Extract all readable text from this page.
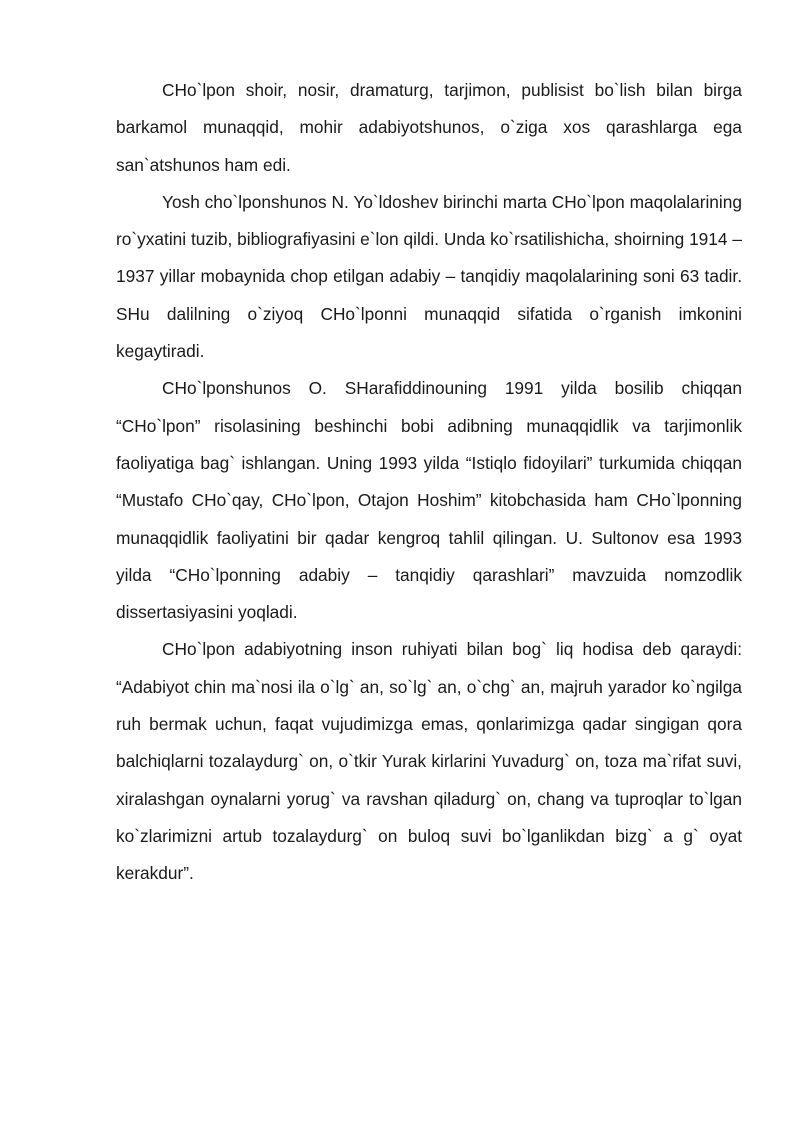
CHo`lpon shoir, nosir, dramaturg, tarjimon, publisist bo`lish bilan birga barkamol munaqqid, mohir adabiyotshunos, o`ziga xos qarashlarga ega san`atshunos ham edi.

Yosh cho`lponshunos N. Yo`ldoshev birinchi marta CHo`lpon maqolalarining ro`yxatini tuzib, bibliografiyasini e`lon qildi. Unda ko`rsatilishicha, shoirning 1914 – 1937 yillar mobaynida chop etilgan adabiy – tanqidiy maqolalarining soni 63 tadir. SHu dalilning o`ziyoq CHo`lponni munaqqid sifatida o`rganish imkonini kegaytiradi.

CHo`lponshunos O. SHarafiddinouning 1991 yilda bosilib chiqqan “CHo`lpon” risolasining beshinchi bobi adibning munaqqidlik va tarjimonlik faoliyatiga bag` ishlangan. Uning 1993 yilda “Istiqlo fidoyilari” turkumida chiqqan “Mustafo CHo`qay, CHo`lpon, Otajon Hoshim” kitobchasida ham CHo`lponning munaqqidlik faoliyatini bir qadar kengroq tahlil qilingan. U. Sultonov esa 1993 yilda “CHo`lponning adabiy – tanqidiy qarashlari” mavzuida nomzodlik dissertasiyasini yoqladi.

CHo`lpon adabiyotning inson ruhiyati bilan bog` liq hodisa deb qaraydi: “Adabiyot chin ma`nosi ila o`lg` an, so`lg` an, o`chg` an, majruh yarador ko`ngilga ruh bermak uchun, faqat vujudimizga emas, qonlarimizga qadar singigan qora balchiqlarni tozalaydurg` on, o`tkir Yurak kirlarini Yuvadurg` on, toza ma`rifat suvi, xiralashgan oynalarni yorug` va ravshan qiladurg` on, chang va tuproqlar to`lgan ko`zlarimizni artub tozalaydurg` on buloq suvi bo`lganlikdan bizg` a g` oyat kerakdur”.
